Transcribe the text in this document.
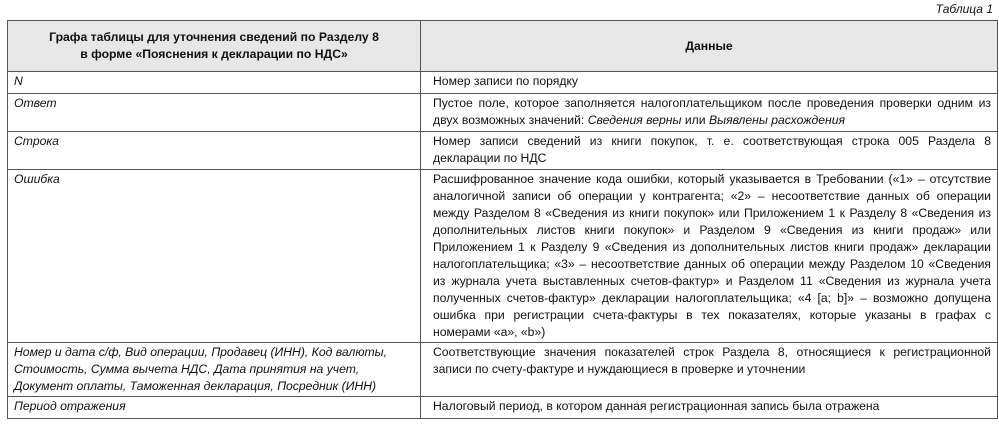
Таблица 1
Графа таблицы для уточнения сведений по Разделу 8
в форме «Пояснения к декларации по НДС»	Данные
N	Номер записи по порядку
Ответ	Пустое поле, которое заполняется налогоплательщиком после проведения проверки одним из двух возможных значений: Сведения верны или Выявлены расхождения
Строка	Номер записи сведений из книги покупок, т. е. соответствующая строка 005 Раздела 8 декларации по НДС
Ошибка	Расшифрованное значение кода ошибки, который указывается в Требовании («1» – отсутствие аналогичной записи об операции у контрагента; «2» – несоответствие данных об операции между Разделом 8 «Сведения из книги покупок» или Приложением 1 к Разделу 8 «Сведения из дополнительных листов книги покупок» и Разделом 9 «Сведения из книги продаж» или Приложением 1 к Разделу 9 «Сведения из дополнительных листов книги продаж» декларации налогоплательщика; «3» – несоответствие данных об операции между Разделом 10 «Сведения из журнала учета выставленных счетов-фактур» и Разделом 11 «Сведения из журнала учета полученных счетов-фактур» декларации налогоплательщика; «4 [a; b]» – возможно допущена ошибка при регистрации счета-фактуры в тех показателях, которые указаны в графах с номерами «a», «b»)

Номер и дата с/ф, Вид операции, Продавец (ИНН), Код валюты,
Стоимость, Сумма вычета НДС, Дата принятия на учет,
Документ оплаты, Таможенная декларация, Посредник (ИНН)	Соответствующие значения показателей строк Раздела 8, относящиеся к регистрационной записи по счету-фактуре и нуждающиеся в проверке и уточнении
Период отражения	Налоговый период, в котором данная регистрационная запись была отражена
